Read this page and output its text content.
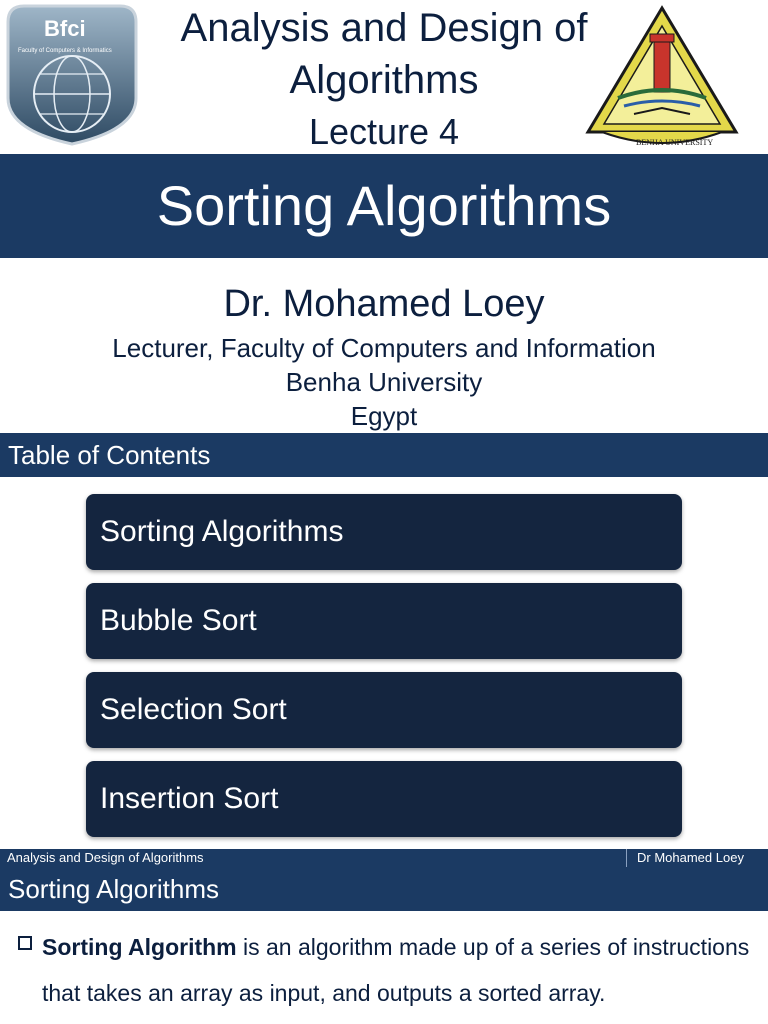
Bfci
Faculty of Computers & Informatics
BENHA UNIVERSITY
Analysis and Design of
Algorithms
Lecture 4
Sorting Algorithms
Dr. Mohamed Loey
Lecturer, Faculty of Computers and Information
Benha University
Egypt
Table of Contents
Sorting Algorithms
Bubble Sort
Selection Sort
Insertion Sort
Analysis and Design of Algorithms	Dr Mohamed Loey
Sorting Algorithms
Sorting Algorithm is an algorithm made up of a series of instructions that takes an array as input, and outputs a sorted array.
